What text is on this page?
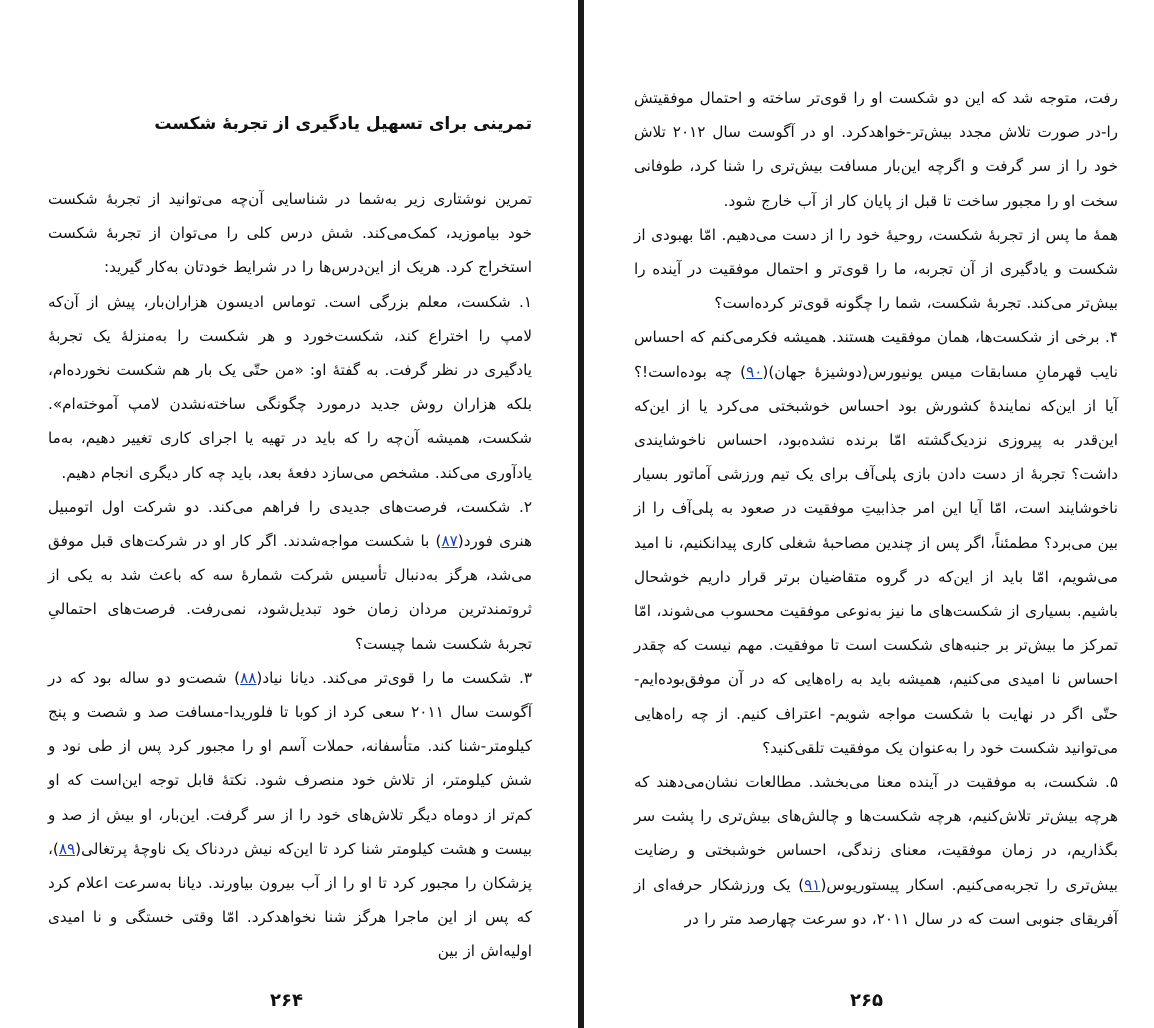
تمرینی برای تسهیل یادگیری از تجربهٔ شکست

تمرین نوشتاری زیر به‌شما در شناسایی آن‌چه می‌توانید از تجربهٔ شکست خود بیاموزید، کمک‌می‌کند. شش درس کلی را می‌توان از تجربهٔ شکست استخراج کرد. هریک از این‌درس‌ها را در شرایط خودتان به‌کار گیرید:

۱. شکست، معلم بزرگی است. توماس ادیسون هزاران‌بار، پیش از آن‌که لامپ را اختراع کند، شکست‌خورد و هر شکست را به‌منزلهٔ یک تجربهٔ یادگیری در نظر گرفت. به گفتهٔ او: «من حتّی یک بار هم شکست نخورده‌ام، بلکه هزاران روش جدید درمورد چگونگی ساخته‌نشدن لامپ آموخته‌ام». شکست، همیشه آن‌چه را که باید در تهیه یا اجرای کاری تغییر دهیم، به‌ما یادآوری می‌کند. مشخص می‌سازد دفعهٔ بعد، باید چه کار دیگری انجام دهیم.

۲. شکست، فرصت‌های جدیدی را فراهم می‌کند. دو شرکت اول اتومبیل هنری فورد(۸۷) با شکست مواجه‌شدند. اگر کار او در شرکت‌های قبل موفق می‌شد، هرگز به‌دنبال تأسیس شرکت شمارهٔ سه که باعث شد به یکی از ثروتمندترین مردان زمان خود تبدیل‌شود، نمی‌رفت. فرصت‌های احتمالیِ تجربهٔ شکست شما چیست؟

۳. شکست ما را قوی‌تر می‌کند. دیانا نیاد(۸۸) شصت‌و دو ساله بود که در آگوست سال ۲۰۱۱ سعی کرد از کوبا تا فلوریدا-مسافت صد و شصت و پنج کیلومتر-شنا کند. متأسفانه، حملات آسم او را مجبور کرد پس از طی نود و شش کیلومتر، از تلاش خود منصرف شود. نکتهٔ قابل توجه این‌است که او کم‌تر از دوماه دیگر تلاش‌های خود را از سر گرفت. این‌بار، او بیش از صد و بیست و هشت کیلومتر شنا کرد تا این‌که نیش دردناک یک ناوچهٔ پرتغالی(۸۹)، پزشکان را مجبور کرد تا او را از آب بیرون بیاورند. دیانا به‌سرعت اعلام کرد که پس از این ماجرا هرگز شنا نخواهدکرد. امّا وقتی خستگی و نا امیدی اولیه‌اش از بین

۲۶۴

رفت، متوجه شد که این دو شکست او را قوی‌تر ساخته و احتمال موفقیتش را-در صورت تلاش مجدد بیش‌تر-خواهدکرد. او در آگوست سال ۲۰۱۲ تلاش خود را از سر گرفت و اگرچه این‌بار مسافت بیش‌تری را شنا کرد، طوفانی سخت او را مجبور ساخت تا قبل از پایان کار از آب خارج شود.

همهٔ ما پس از تجربهٔ شکست، روحیهٔ خود را از دست می‌دهیم. امّا بهبودی از شکست و یادگیری از آن تجربه، ما را قوی‌تر و احتمال موفقیت در آینده را بیش‌تر می‌کند. تجربهٔ شکست، شما را چگونه قوی‌تر کرده‌است؟

۴. برخی از شکست‌ها، همان موفقیت هستند. همیشه فکرمی‌کنم که احساس نایب قهرمانِ مسابقات میس یونیورس(دوشیزهٔ جهان)(۹۰) چه بوده‌است!؟ آیا از این‌که نمایندهٔ کشورش بود احساس خوشبختی می‌کرد یا از این‌که این‌قدر به پیروزی نزدیک‌گشته امّا برنده نشده‌بود، احساس ناخوشایندی داشت؟ تجربهٔ از دست دادن بازی پلی‌آف برای یک تیم ورزشی آماتور بسیار ناخوشایند است، امّا آیا این امر جذابیتِ موفقیت در صعود به پلی‌آف را از بین می‌برد؟ مطمئناً، اگر پس از چندین مصاحبهٔ شغلی کاری پیدانکنیم، نا امید می‌شویم، امّا باید از این‌که در گروه متقاضیان برتر قرار داریم خوشحال باشیم. بسیاری از شکست‌های ما نیز به‌نوعی موفقیت محسوب می‌شوند، امّا تمرکز ما بیش‌تر بر جنبه‌های شکست است تا موفقیت. مهم نیست که چقدر احساس نا امیدی می‌کنیم، همیشه باید به راه‌هایی که در آن موفق‌بوده‌ایم-حتّی اگر در نهایت با شکست مواجه شویم- اعتراف کنیم. از چه راه‌هایی می‌توانید شکست خود را به‌عنوان یک موفقیت تلقی‌کنید؟

۵. شکست، به موفقیت در آینده معنا می‌بخشد. مطالعات نشان‌می‌دهند که هرچه بیش‌تر تلاش‌کنیم، هرچه شکست‌ها و چالش‌های بیش‌تری را پشت سر بگذاریم، در زمان موفقیت، معنای زندگی، احساس خوشبختی و رضایت بیش‌تری را تجربه‌می‌کنیم. اسکار پیستوریوس(۹۱) یک ورزشکار حرفه‌ای از آفریقای جنوبی است که در سال ۲۰۱۱، دو سرعت چهارصد متر را در

۲۶۵
